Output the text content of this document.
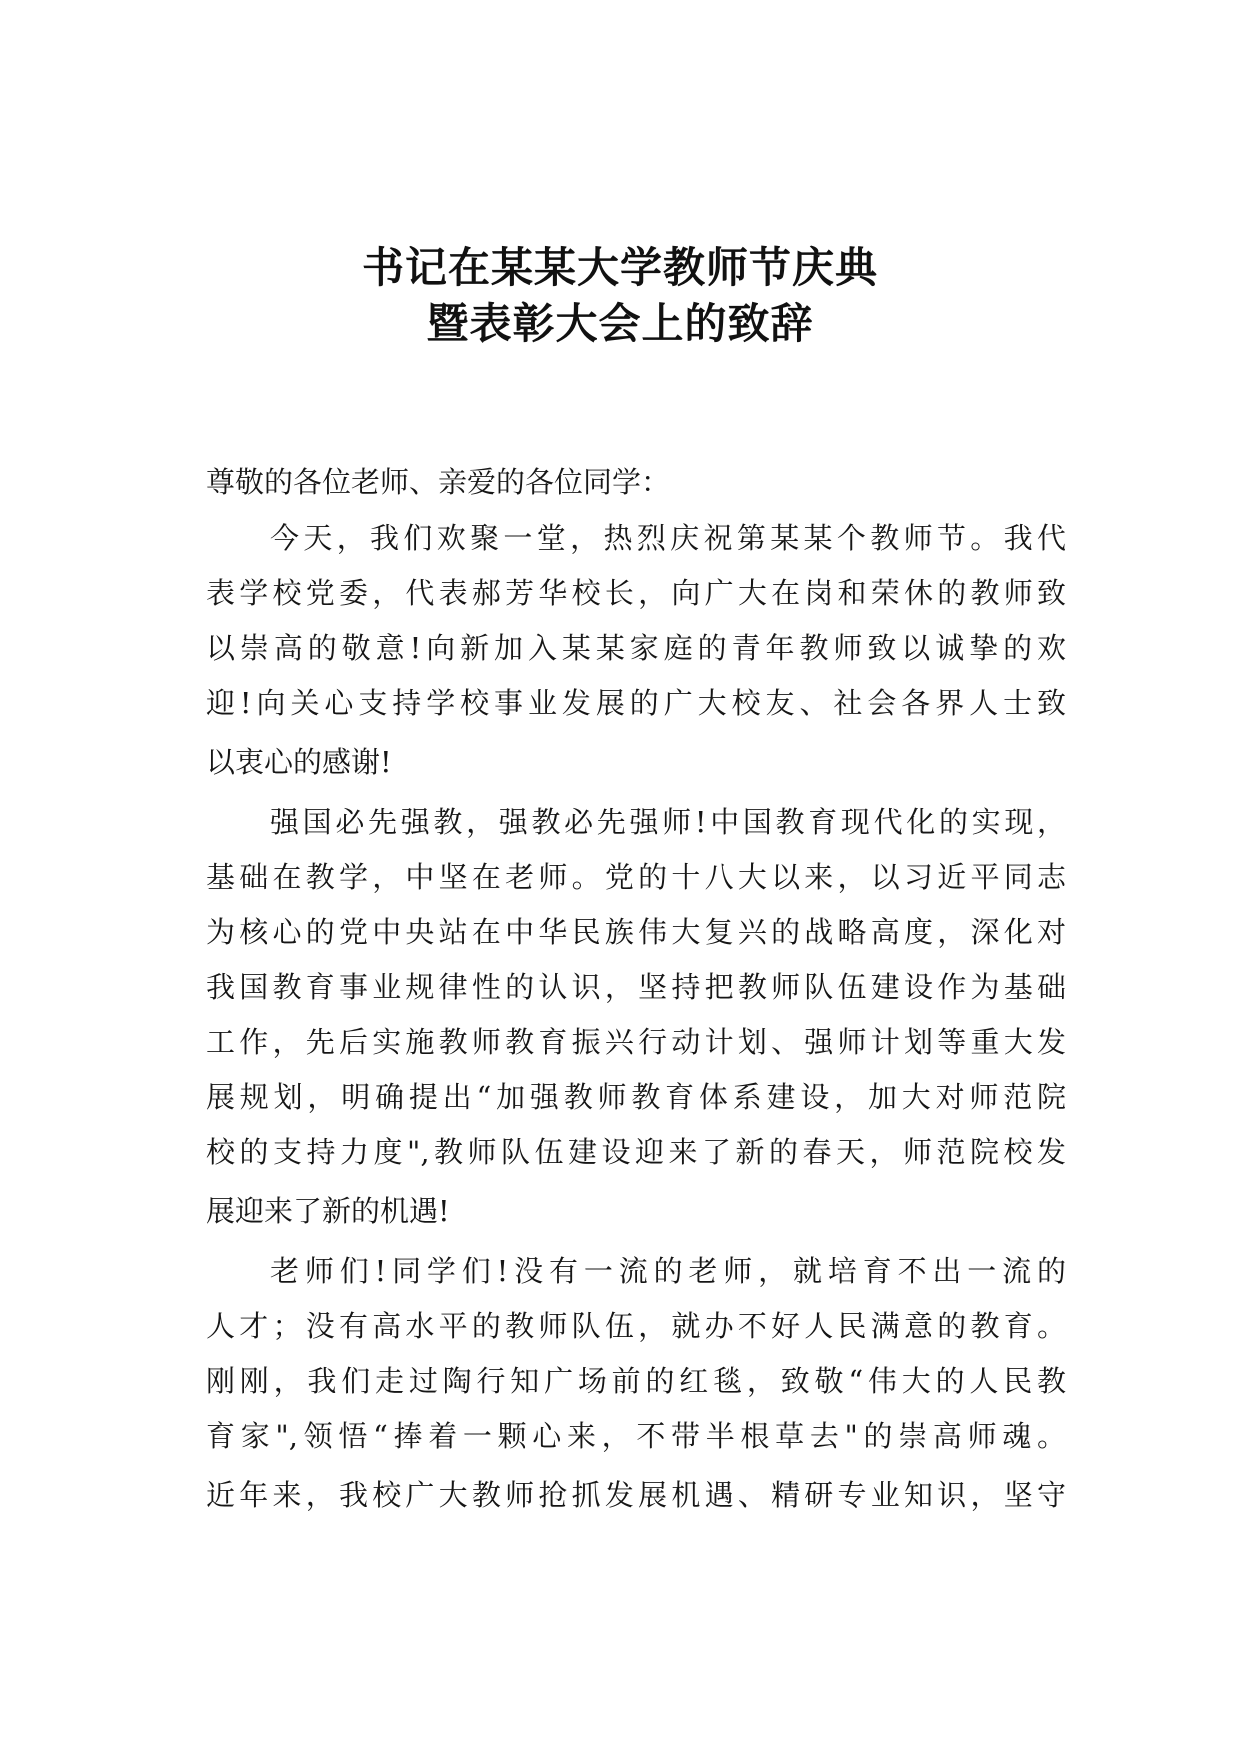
书记在某某大学教师节庆典
暨表彰大会上的致辞
尊敬的各位老师、亲爱的各位同学：
今天，我们欢聚一堂，热烈庆祝第某某个教师节。我代
表学校党委，代表郝芳华校长，向广大在岗和荣休的教师致
以崇高的敬意!向新加入某某家庭的青年教师致以诚挚的欢
迎!向关心支持学校事业发展的广大校友、社会各界人士致
以衷心的感谢!
强国必先强教，强教必先强师!中国教育现代化的实现，
基础在教学，中坚在老师。党的十八大以来，以习近平同志
为核心的党中央站在中华民族伟大复兴的战略高度，深化对
我国教育事业规律性的认识，坚持把教师队伍建设作为基础
工作，先后实施教师教育振兴行动计划、强师计划等重大发
展规划，明确提出“加强教师教育体系建设，加大对师范院
校的支持力度",教师队伍建设迎来了新的春天，师范院校发
展迎来了新的机遇!
老师们!同学们!没有一流的老师，就培育不出一流的
人才；没有高水平的教师队伍，就办不好人民满意的教育。
刚刚，我们走过陶行知广场前的红毯，致敬“伟大的人民教
育家",领悟“捧着一颗心来，不带半根草去"的崇高师魂。
近年来，我校广大教师抢抓发展机遇、精研专业知识，坚守
